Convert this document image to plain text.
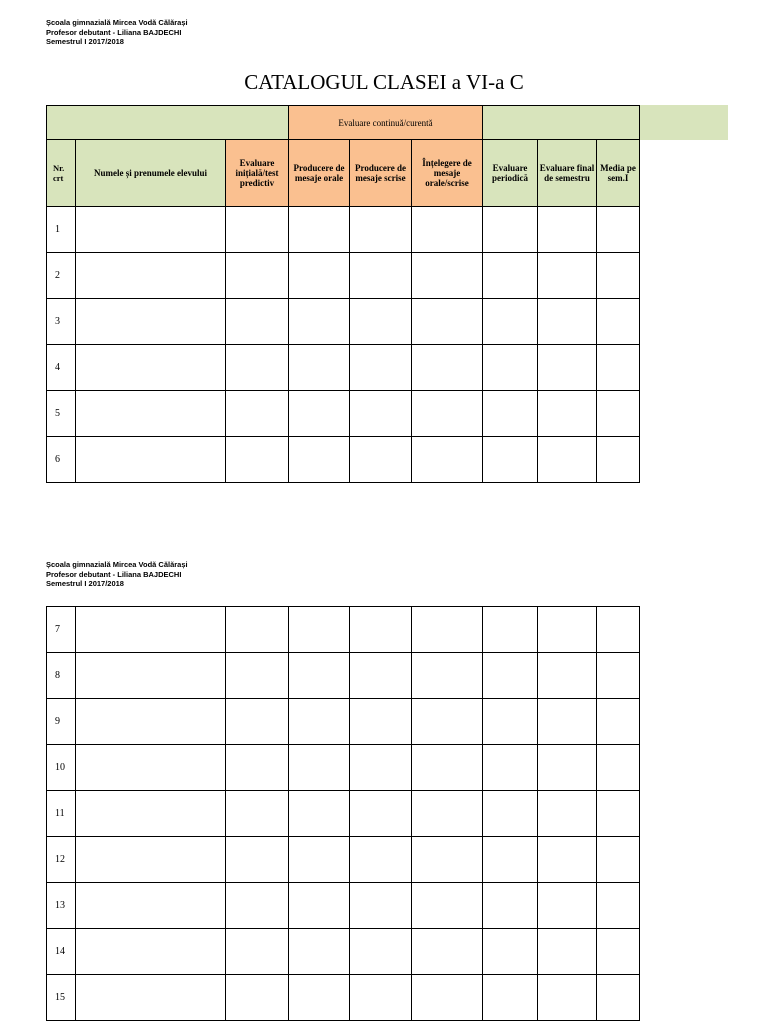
Școala gimnazială Mircea Vodă Călărași
Profesor debutant - Liliana BAJDECHI
Semestrul I 2017/2018
CATALOGUL CLASEI a VI-a C
			Evaluare continuă/curentă					
Nr. crt	Numele și prenumele elevului	Evaluare inițială/test predictiv	Producere de mesaje orale	Producere de mesaje scrise	Înțelegere de mesaje orale/scrise	Evaluare periodică	Evaluare final de semestru	Media pe sem.I
1								
2								
3								
4								
5								
6								
Școala gimnazială Mircea Vodă Călărași
Profesor debutant - Liliana BAJDECHI
Semestrul I 2017/2018
7								
8								
9								
10								
11								
12								
13								
14								
15								
